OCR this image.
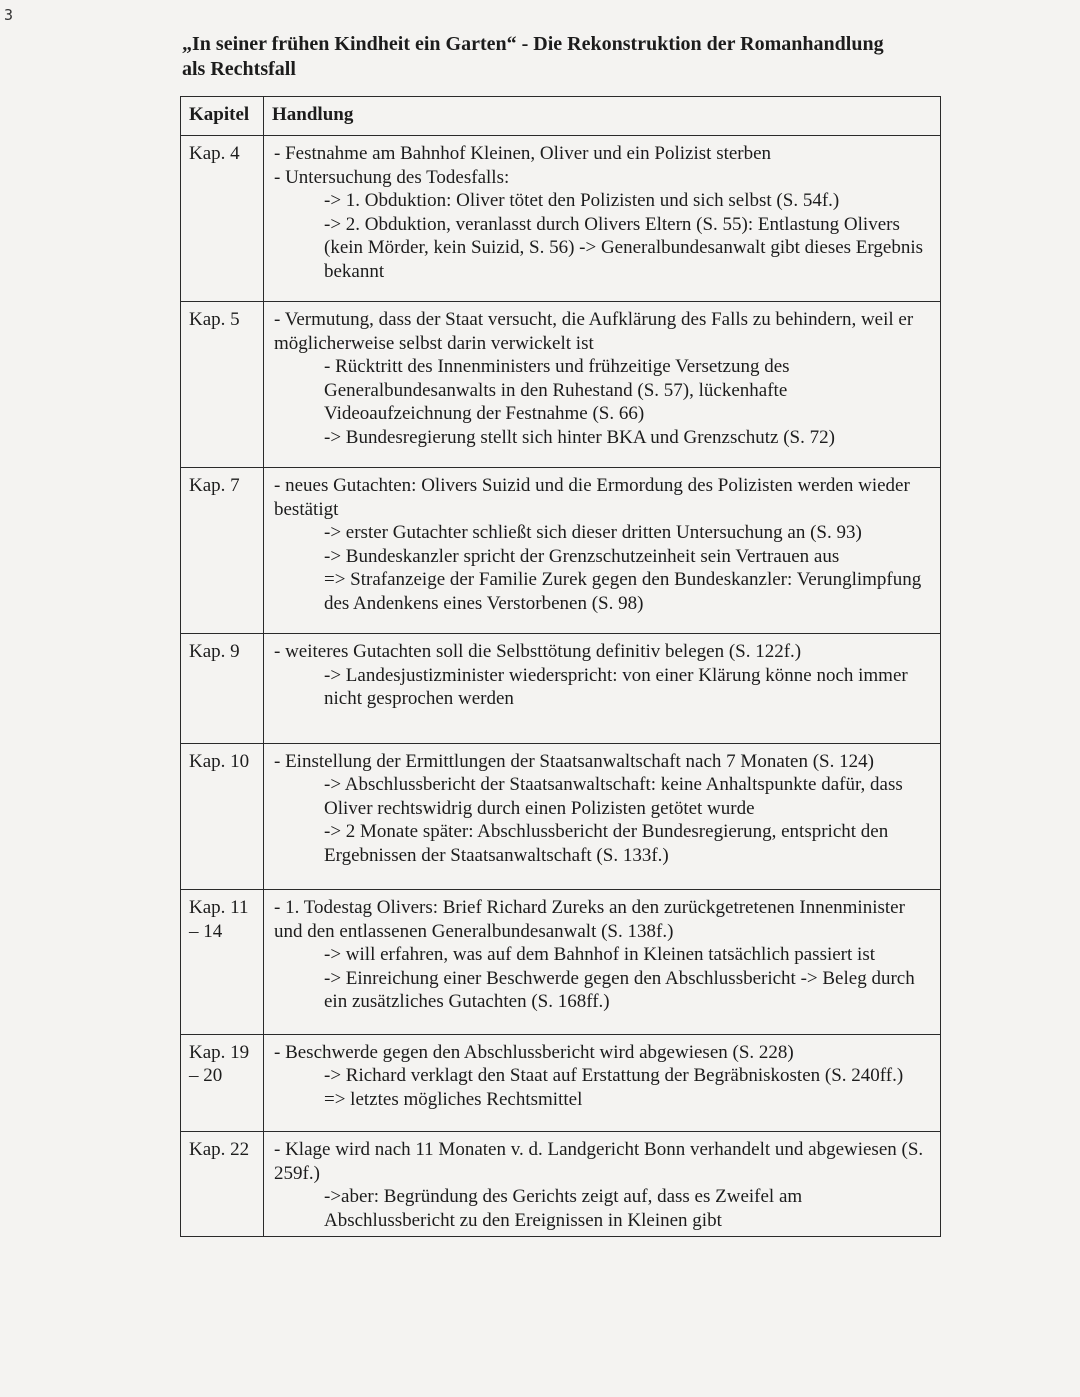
3
„In seiner frühen Kindheit ein Garten“ - Die Rekonstruktion der Romanhandlung
als Rechtsfall
Kapitel	Handlung
Kap. 4	- Festnahme am Bahnhof Kleinen, Oliver und ein Polizist sterben
- Untersuchung des Todesfalls:
-> 1. Obduktion: Oliver tötet den Polizisten und sich selbst (S. 54f.)
-> 2. Obduktion, veranlasst durch Olivers Eltern (S. 55): Entlastung Olivers (kein Mörder, kein Suizid, S. 56) -> Generalbundesanwalt gibt dieses Ergebnis bekannt

Kap. 5	- Vermutung, dass der Staat versucht, die Aufklärung des Falls zu behindern, weil er möglicherweise selbst darin verwickelt ist
- Rücktritt des Innenministers und frühzeitige Versetzung des Generalbundesanwalts in den Ruhestand (S. 57), lückenhafte Videoaufzeichnung der Festnahme (S. 66)
-> Bundesregierung stellt sich hinter BKA und Grenzschutz (S. 72)

Kap. 7	- neues Gutachten: Olivers Suizid und die Ermordung des Polizisten werden wieder bestätigt
-> erster Gutachter schließt sich dieser dritten Untersuchung an (S. 93)
-> Bundeskanzler spricht der Grenzschutzeinheit sein Vertrauen aus
=> Strafanzeige der Familie Zurek gegen den Bundeskanzler: Verunglimpfung des Andenkens eines Verstorbenen (S. 98)

Kap. 9	- weiteres Gutachten soll die Selbsttötung definitiv belegen (S. 122f.)
-> Landesjustizminister wiederspricht: von einer Klärung könne noch immer nicht gesprochen werden

Kap. 10	- Einstellung der Ermittlungen der Staatsanwaltschaft nach 7 Monaten (S. 124)
-> Abschlussbericht der Staatsanwaltschaft: keine Anhaltspunkte dafür, dass Oliver rechtswidrig durch einen Polizisten getötet wurde
-> 2 Monate später: Abschlussbericht der Bundesregierung, entspricht den Ergebnissen der Staatsanwaltschaft (S. 133f.)

Kap. 11 – 14	- 1. Todestag Olivers: Brief Richard Zureks an den zurückgetretenen Innenminister und den entlassenen Generalbundesanwalt (S. 138f.)
-> will erfahren, was auf dem Bahnhof in Kleinen tatsächlich passiert ist
-> Einreichung einer Beschwerde gegen den Abschlussbericht -> Beleg durch ein zusätzliches Gutachten (S. 168ff.)

Kap. 19 – 20	- Beschwerde gegen den Abschlussbericht wird abgewiesen (S. 228)
-> Richard verklagt den Staat auf Erstattung der Begräbniskosten (S. 240ff.)
=> letztes mögliches Rechtsmittel

Kap. 22	- Klage wird nach 11 Monaten v. d. Landgericht Bonn verhandelt und abgewiesen (S. 259f.)
->aber: Begründung des Gerichts zeigt auf, dass es Zweifel am Abschlussbericht zu den Ereignissen in Kleinen gibt
